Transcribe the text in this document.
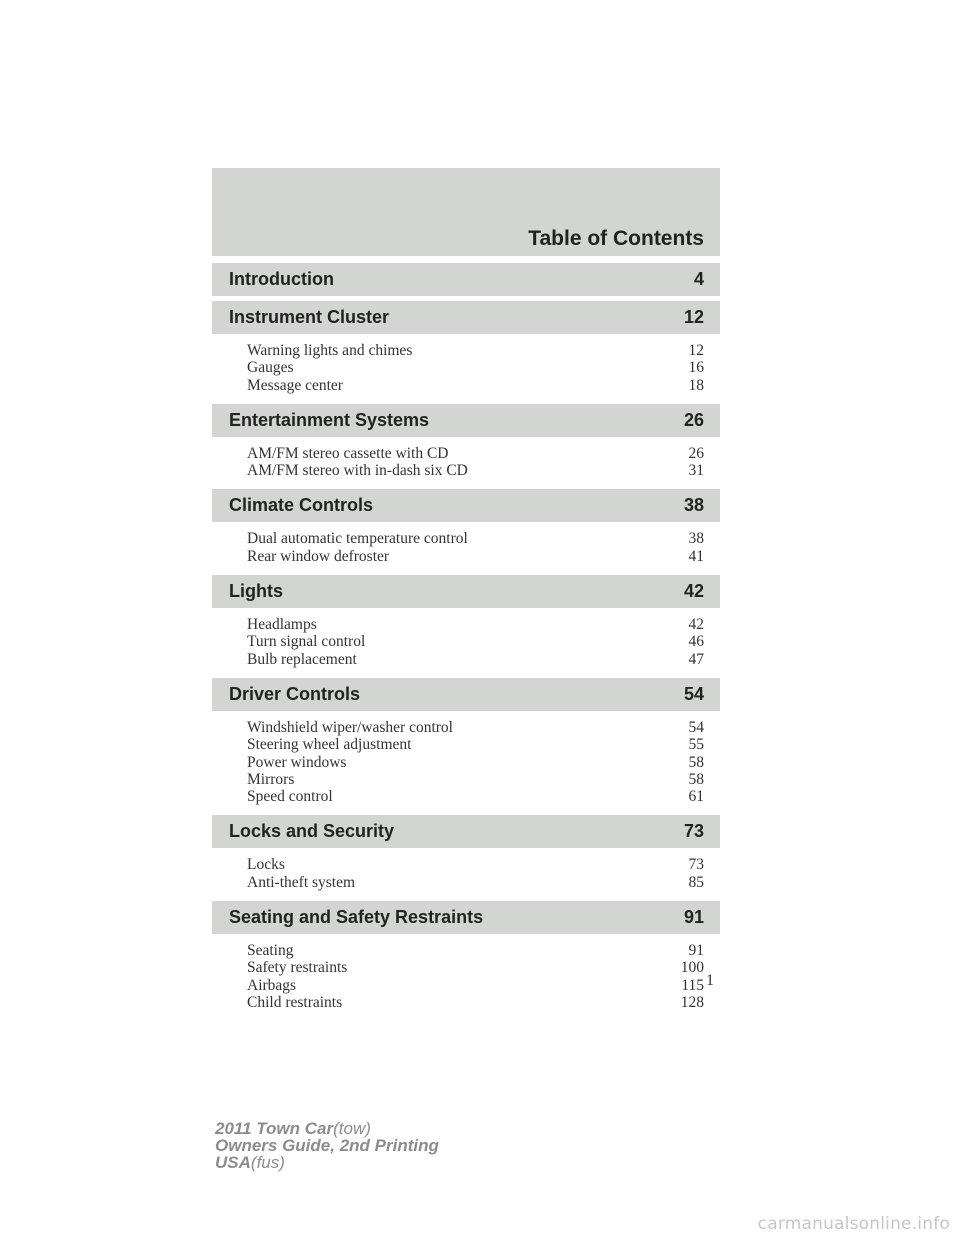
Table of Contents
Introduction	4
Instrument Cluster	12
Warning lights and chimes	12
Gauges	16
Message center	18
Entertainment Systems	26
AM/FM stereo cassette with CD	26
AM/FM stereo with in-dash six CD	31
Climate Controls	38
Dual automatic temperature control	38
Rear window defroster	41
Lights	42
Headlamps	42
Turn signal control	46
Bulb replacement	47
Driver Controls	54
Windshield wiper/washer control	54
Steering wheel adjustment	55
Power windows	58
Mirrors	58
Speed control	61
Locks and Security	73
Locks	73
Anti-theft system	85
Seating and Safety Restraints	91
Seating	91
Safety restraints	100
Airbags	115
Child restraints	128
1
2011 Town Car(tow)
Owners Guide, 2nd Printing
USA(fus)
carmanualsonline.info
